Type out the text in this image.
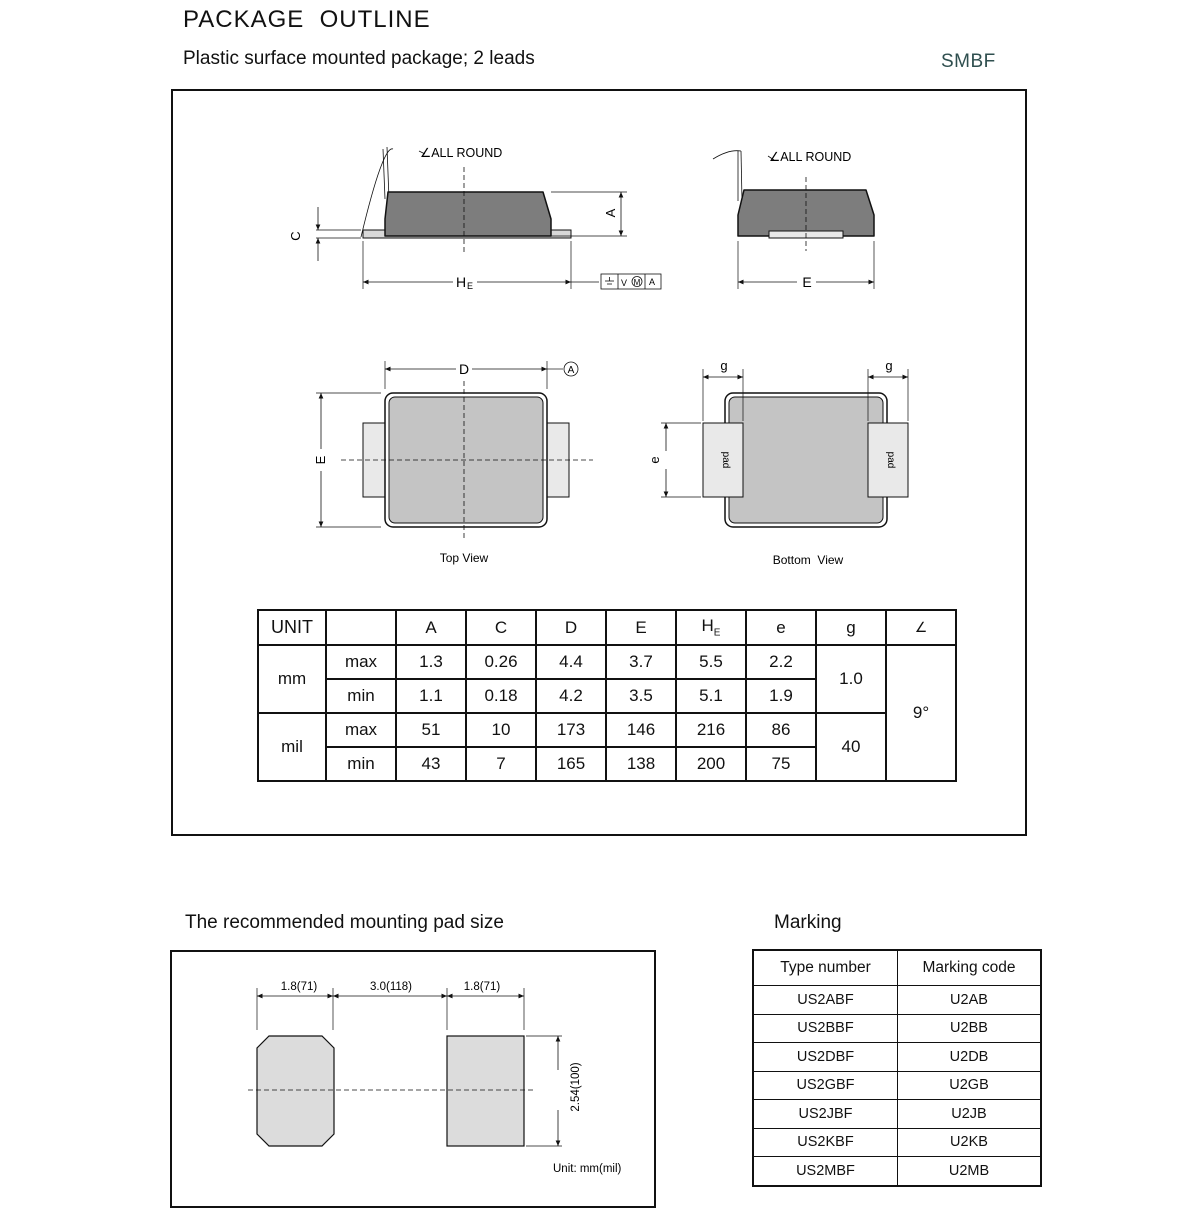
PACKAGE  OUTLINE
Plastic surface mounted package; 2 leads	SMBF
∠ALL ROUND
C
A
H E	V M A
∠ALL ROUND
E
D	A
E
Top View
pad	pad
g	g
e
Bottom  View
UNIT		A	C	D	E	$H_E$	e	g	∠
mm	max	1.3	0.26	4.4	3.7	5.5	2.2	1.0	9°
	min	1.1	0.18	4.2	3.5	5.1	1.9		
mil	max	51	10	173	146	216	86	40	
	min	43	7	165	138	200	75		
The recommended mounting pad size
1.8(71)	3.0(118)	1.8(71)
2.54(100)
Unit: mm(mil)
Marking
Type number	Marking code
US2ABF	U2AB
US2BBF	U2BB
US2DBF	U2DB
US2GBF	U2GB
US2JBF	U2JB
US2KBF	U2KB
US2MBF	U2MB
